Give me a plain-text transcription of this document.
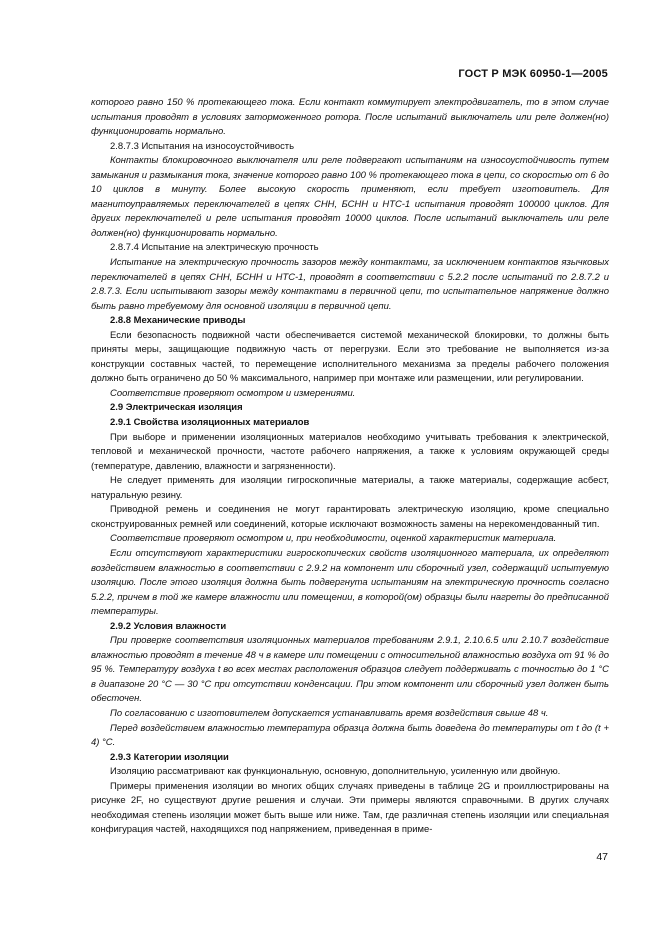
ГОСТ Р МЭК 60950-1—2005

которого равно 150 % протекающего тока. Если контакт коммутирует электродвигатель, то в этом случае испытания проводят в условиях заторможенного ротора. После испытаний выключатель или реле должен(но) функционировать нормально.

2.8.7.3 Испытания на износоустойчивость

Контакты блокировочного выключателя или реле подвергают испытаниям на износоустойчивость путем замыкания и размыкания тока, значение которого равно 100 % протекающего тока в цепи, со скоростью от 6 до 10 циклов в минуту. Более высокую скорость применяют, если требует изготовитель. Для магнитоуправляемых переключателей в цепях СНН, БСНН и НТС-1 испытания проводят 100000 циклов. Для других переключателей и реле испытания проводят 10000 циклов. После испытаний выключатель или реле должен(но) функционировать нормально.

2.8.7.4 Испытание на электрическую прочность

Испытание на электрическую прочность зазоров между контактами, за исключением контактов язычковых переключателей в цепях СНН, БСНН и НТС-1, проводят в соответствии с 5.2.2 после испытаний по 2.8.7.2 и 2.8.7.3. Если испытывают зазоры между контактами в первичной цепи, то испытательное напряжение должно быть равно требуемому для основной изоляции в первичной цепи.

2.8.8 Механические приводы

Если безопасность подвижной части обеспечивается системой механической блокировки, то должны быть приняты меры, защищающие подвижную часть от перегрузки. Если это требование не выполняется из-за конструкции составных частей, то перемещение исполнительного механизма за пределы рабочего положения должно быть ограничено до 50 % максимального, например при монтаже или размещении, или регулировании.

Соответствие проверяют осмотром и измерениями.

2.9 Электрическая изоляция

2.9.1 Свойства изоляционных материалов

При выборе и применении изоляционных материалов необходимо учитывать требования к электрической, тепловой и механической прочности, частоте рабочего напряжения, а также к условиям окружающей среды (температуре, давлению, влажности и загрязненности).

Не следует применять для изоляции гигроскопичные материалы, а также материалы, содержащие асбест, натуральную резину.

Приводной ремень и соединения не могут гарантировать электрическую изоляцию, кроме специально сконструированных ремней или соединений, которые исключают возможность замены на нерекомендованный тип.

Соответствие проверяют осмотром и, при необходимости, оценкой характеристик материала.

Если отсутствуют характеристики гигроскопических свойств изоляционного материала, их определяют воздействием влажностью в соответствии с 2.9.2 на компонент или сборочный узел, содержащий испытуемую изоляцию. После этого изоляция должна быть подвергнута испытаниям на электрическую прочность согласно 5.2.2, причем в той же камере влажности или помещении, в которой(ом) образцы были нагреты до предписанной температуры.

2.9.2 Условия влажности

При проверке соответствия изоляционных материалов требованиям 2.9.1, 2.10.6.5 или 2.10.7 воздействие влажностью проводят в течение 48 ч в камере или помещении с относительной влажностью воздуха от 91 % до 95 %. Температуру воздуха t во всех местах расположения образцов следует поддерживать с точностью до 1 °С в диапазоне 20 °С — 30 °С при отсутствии конденсации. При этом компонент или сборочный узел должен быть обесточен.

По согласованию с изготовителем допускается устанавливать время воздействия свыше 48 ч.

Перед воздействием влажностью температура образца должна быть доведена до температуры от t до (t + 4) °С.

2.9.3 Категории изоляции

Изоляцию рассматривают как функциональную, основную, дополнительную, усиленную или двойную.

Примеры применения изоляции во многих общих случаях приведены в таблице 2G и проиллюстрированы на рисунке 2F, но существуют другие решения и случаи. Эти примеры являются справочными. В других случаях необходимая степень изоляции может быть выше или ниже. Там, где различная степень изоляции или специальная конфигурация частей, находящихся под напряжением, приведенная в приме-

47
